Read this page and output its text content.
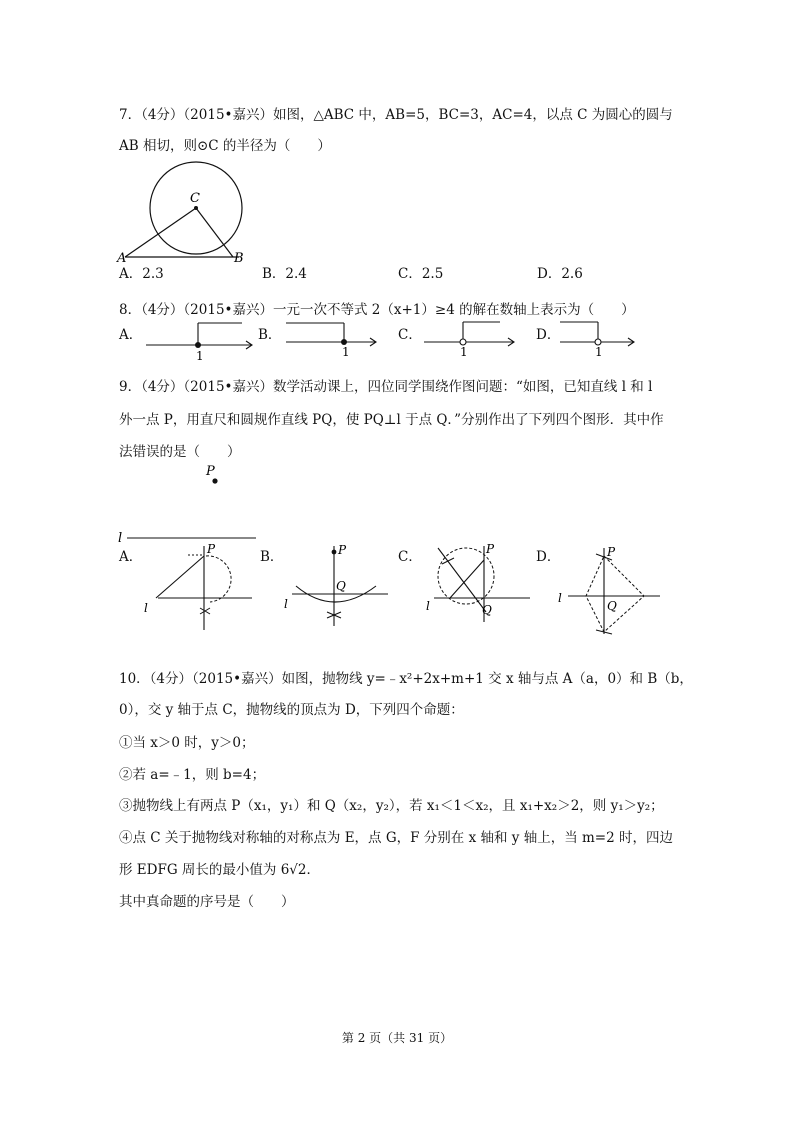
7．（4分）（2015•嘉兴）如图，△ABC 中，AB=5，BC=3，AC=4，以点 C 为圆心的圆与
AB 相切，则⊙C 的半径为（　　）
C
A	B
A．2.3	B．2.4	C．2.5	D．2.6
8．（4分）（2015•嘉兴）一元一次不等式 2（x+1）≥4 的解在数轴上表示为（　　）
A．
1
B．
1
C．
1
D．
1
9．（4分）（2015•嘉兴）数学活动课上，四位同学围绕作图问题：“如图，已知直线 l 和 l
外一点 P，用直尺和圆规作直线 PQ，使 PQ⊥l 于点 Q．”分别作出了下列四个图形．其中作
法错误的是（　　）
P
l
A．	P
l
B．	P
Q
l
C．	P
Q
l
D．	P
Q
l
10．（4分）（2015•嘉兴）如图，抛物线 y=﹣x²+2x+m+1 交 x 轴与点 A（a，0）和 B（b，
0），交 y 轴于点 C，抛物线的顶点为 D，下列四个命题：
①当 x＞0 时，y＞0；
②若 a=﹣1，则 b=4；
③抛物线上有两点 P（x₁，y₁）和 Q（x₂，y₂），若 x₁＜1＜x₂，且 x₁+x₂＞2，则 y₁＞y₂；
④点 C 关于抛物线对称轴的对称点为 E，点 G，F 分别在 x 轴和 y 轴上，当 m=2 时，四边
形 EDFG 周长的最小值为 6√2．
其中真命题的序号是（　　）
第 2 页（共 31 页）
